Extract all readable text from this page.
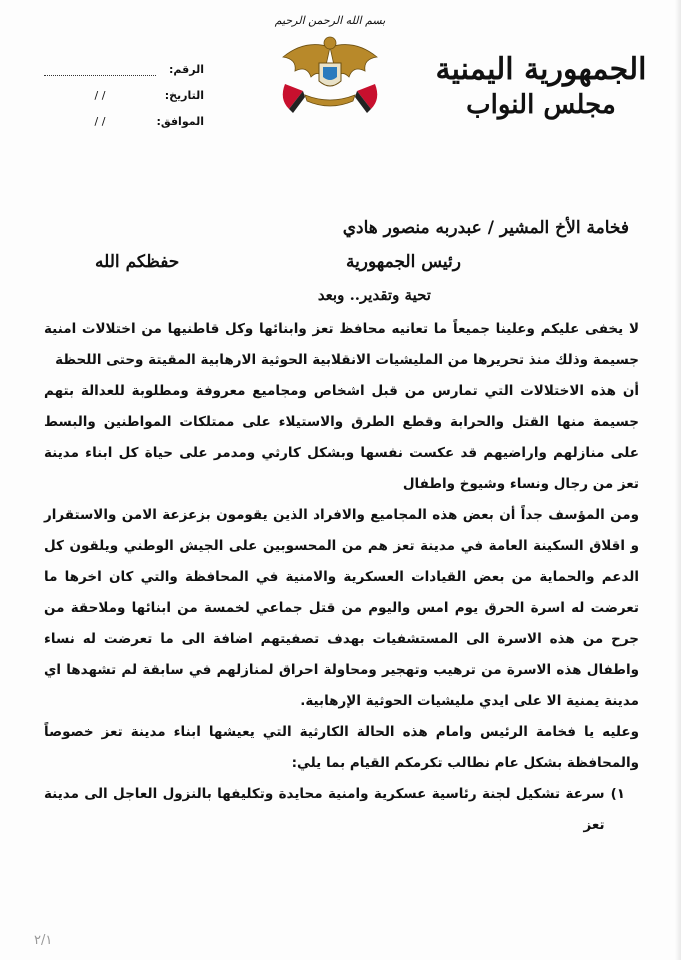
الجمهورية اليمنية
مجلس النواب
بسم الله الرحمن الرحيم
الرقم:
التاريخ:
/ /
الموافق:
/ /
فخامة الأخ المشير / عبدربه منصور هادي
رئيس الجمهورية
حفظكم الله
تحية وتقدير.. وبعد

لا يخفى عليكم وعلينا جميعاً ما تعانيه محافظ تعز وابنائها وكل قاطنيها من اختلالات امنية جسيمة وذلك منذ تحريرها من المليشيات الانقلابية الحوثية الارهابية المقيتة وحتى اللحظة

أن هذه الاختلالات التي تمارس من قبل اشخاص ومجاميع معروفة ومطلوبة للعدالة بتهم جسيمة منها القتل والحرابة وقطع الطرق والاستيلاء على ممتلكات المواطنين والبسط على منازلهم واراضيهم قد عكست نفسها وبشكل كارثي ومدمر على حياة كل ابناء مدينة تعز من رجال ونساء وشيوخ واطفال

ومن المؤسف جداً أن بعض هذه المجاميع والافراد الذين يقومون بزعزعة الامن والاستقرار و اقلاق السكينة العامة في مدينة تعز هم من المحسوبين على الجيش الوطني ويلقون كل الدعم والحماية من بعض القيادات العسكرية والامنية في المحافظة والتي كان اخرها ما تعرضت له اسرة الحرق يوم امس واليوم من قتل جماعي لخمسة من ابنائها وملاحقة من جرح من هذه الاسرة الى المستشفيات بهدف تصفيتهم اضافة الى ما تعرضت له نساء واطفال هذه الاسرة من ترهيب وتهجير ومحاولة احراق لمنازلهم في سابقة لم تشهدها اي مدينة يمنية الا على ايدي مليشيات الحوثية الإرهابية.

وعليه يا فخامة الرئيس وامام هذه الحالة الكارثية التي يعيشها ابناء مدينة تعز خصوصاً والمحافظة بشكل عام نطالب تكرمكم القيام بما يلي:

١)
سرعة تشكيل لجنة رئاسية عسكرية وامنية محايدة وتكليفها بالنزول العاجل الى مدينة تعز
٢/١
